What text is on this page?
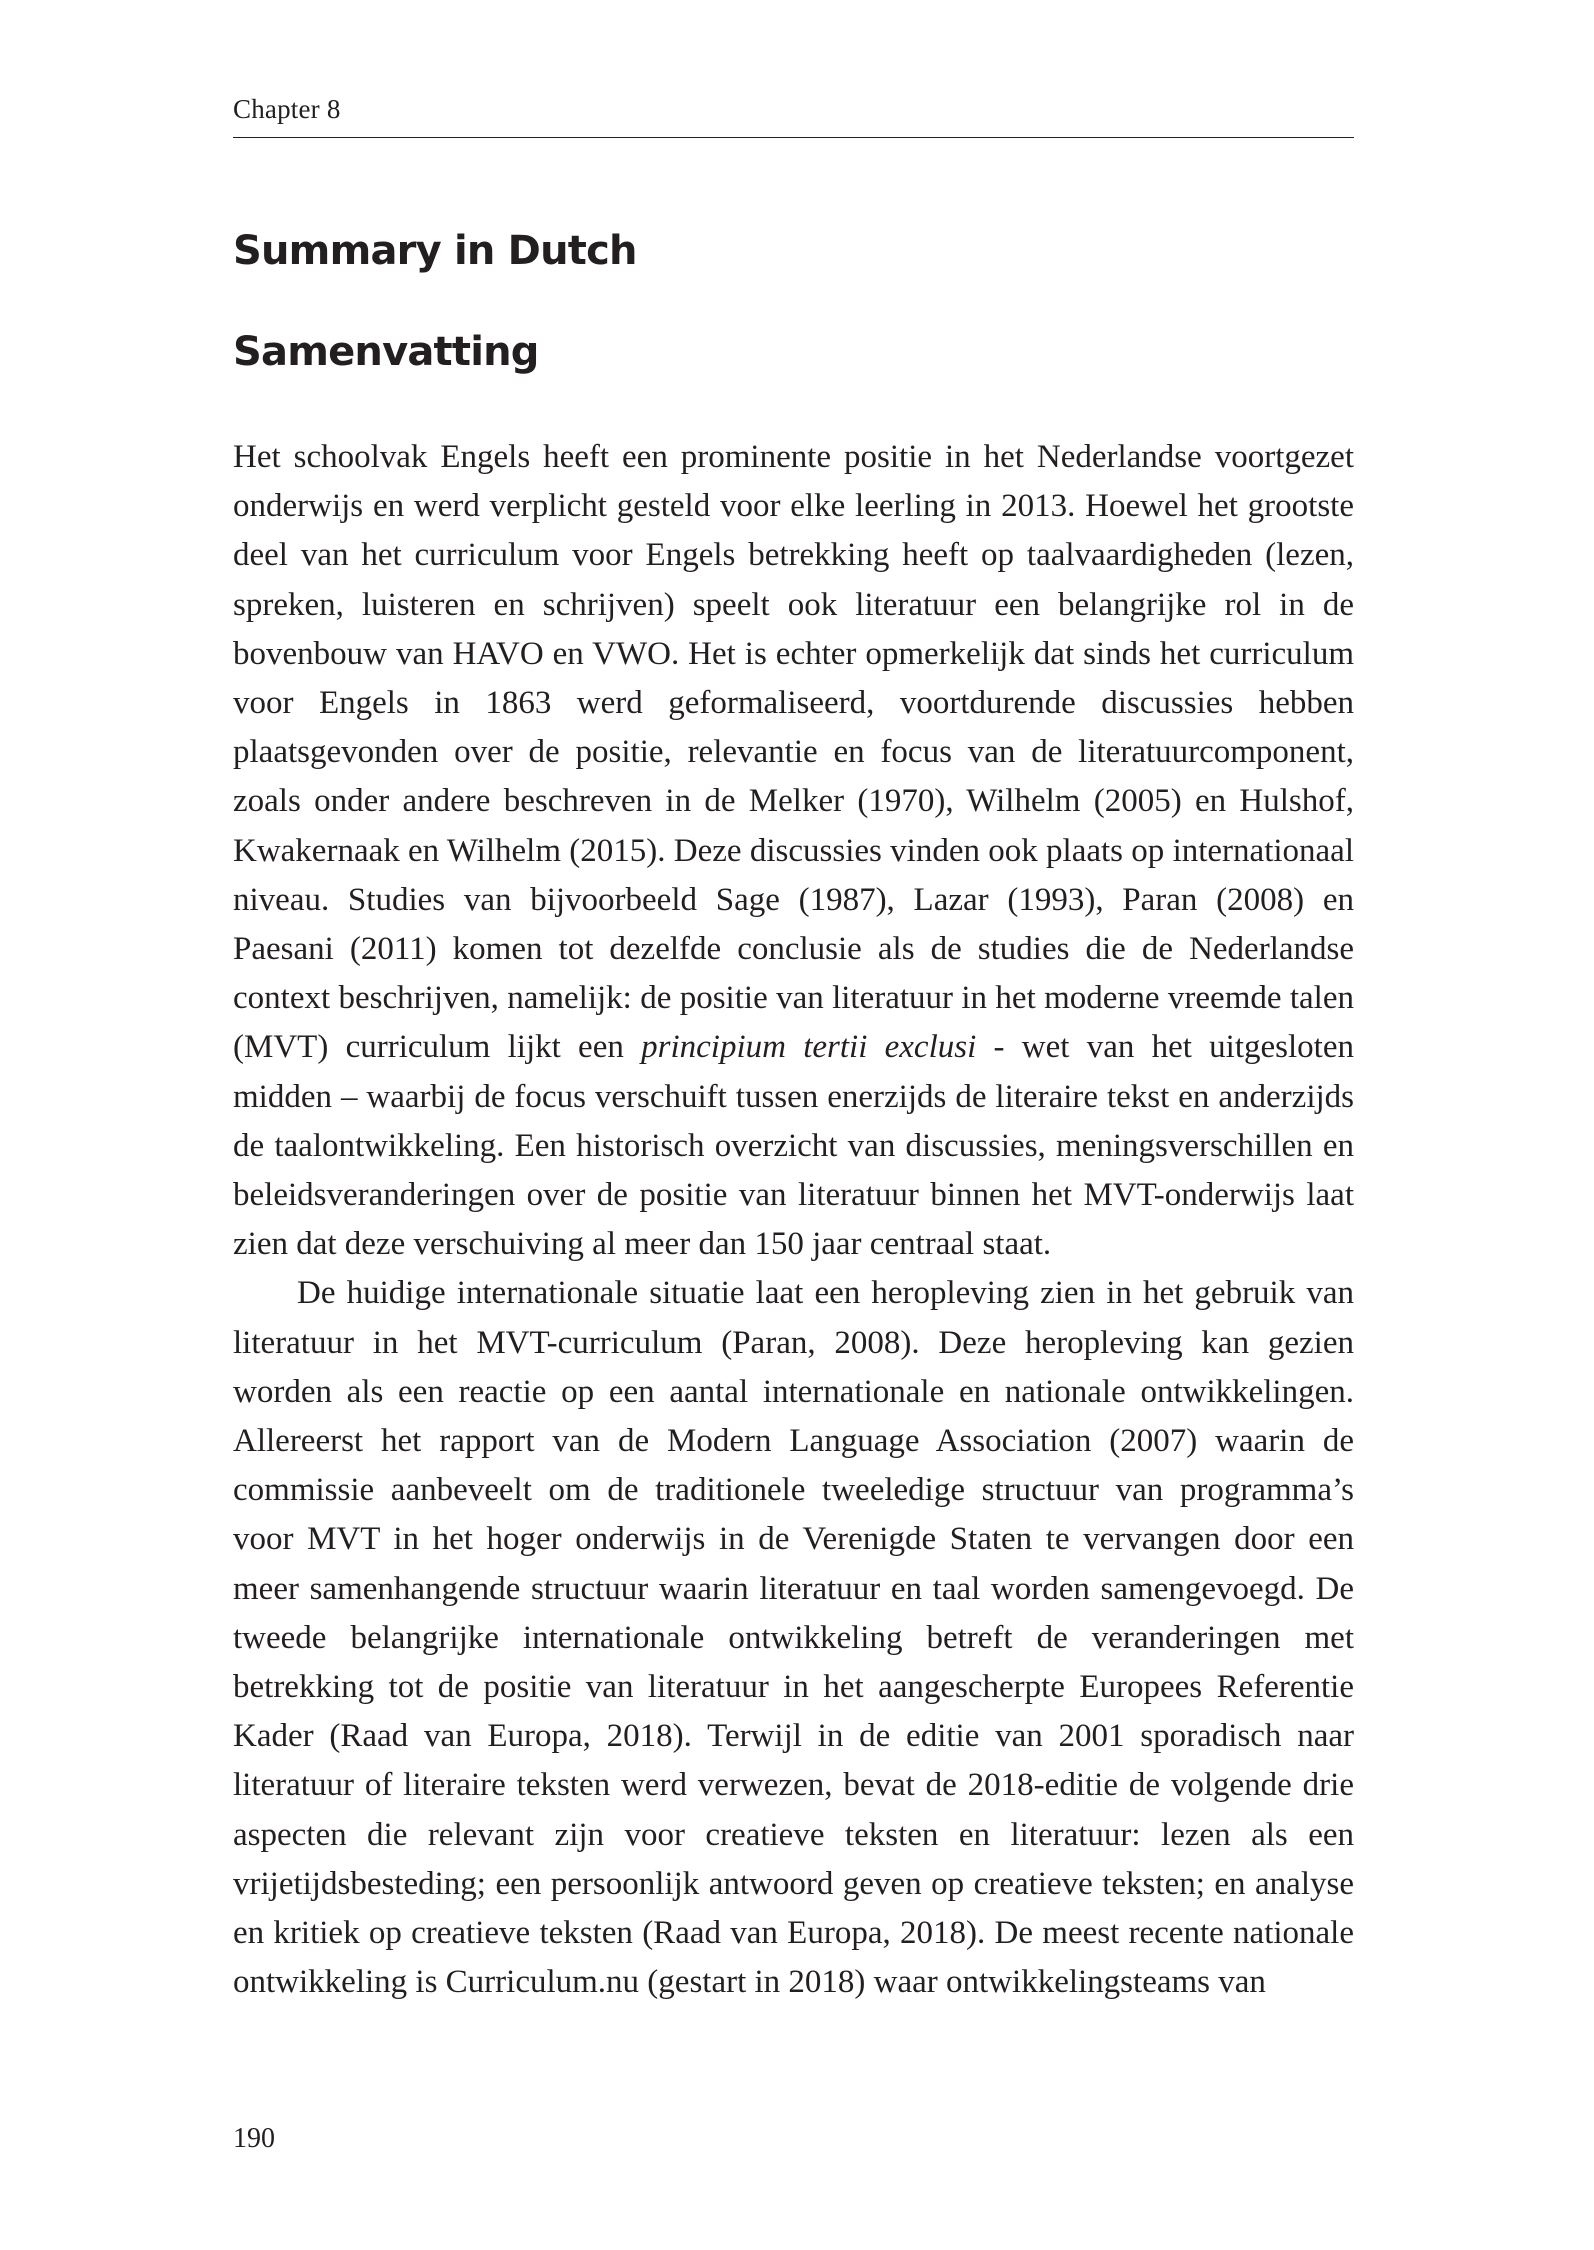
Chapter 8
Summary in Dutch
Samenvatting

Het schoolvak Engels heeft een prominente positie in het Nederlandse voortgezet onderwijs en werd verplicht gesteld voor elke leerling in 2013. Hoewel het grootste deel van het curriculum voor Engels betrekking heeft op taalvaardigheden (lezen, spreken, luisteren en schrijven) speelt ook literatuur een belangrijke rol in de bovenbouw van HAVO en VWO. Het is echter opmerkelijk dat sinds het curriculum voor Engels in 1863 werd geformaliseerd, voortdurende discussies hebben plaatsgevonden over de positie, relevantie en focus van de literatuurcomponent, zoals onder andere beschreven in de Melker (1970), Wilhelm (2005) en Hulshof, Kwakernaak en Wilhelm (2015). Deze discussies vinden ook plaats op internationaal niveau. Studies van bijvoorbeeld Sage (1987), Lazar (1993), Paran (2008) en Paesani (2011) komen tot dezelfde conclusie als de studies die de Nederlandse context beschrijven, namelijk: de positie van literatuur in het moderne vreemde talen (MVT) curriculum lijkt een principium tertii exclusi - wet van het uitgesloten midden – waarbij de focus verschuift tussen enerzijds de literaire tekst en anderzijds de taalontwikkeling. Een historisch overzicht van discussies, meningsverschillen en beleidsveranderingen over de positie van literatuur binnen het MVT-onderwijs laat zien dat deze verschuiving al meer dan 150 jaar centraal staat.

De huidige internationale situatie laat een heropleving zien in het gebruik van literatuur in het MVT-curriculum (Paran, 2008). Deze heropleving kan gezien worden als een reactie op een aantal internationale en nationale ontwikkelingen. Allereerst het rapport van de Modern Language Association (2007) waarin de commissie aanbeveelt om de traditionele tweeledige structuur van programma’s voor MVT in het hoger onderwijs in de Verenigde Staten te vervangen door een meer samenhangende structuur waarin literatuur en taal worden samengevoegd. De tweede belangrijke internationale ontwikkeling betreft de veranderingen met betrekking tot de positie van literatuur in het aangescherpte Europees Referentie Kader (Raad van Europa, 2018). Terwijl in de editie van 2001 sporadisch naar literatuur of literaire teksten werd verwezen, bevat de 2018-editie de volgende drie aspecten die relevant zijn voor creatieve teksten en literatuur: lezen als een vrijetijdsbesteding; een persoonlijk antwoord geven op creatieve teksten; en analyse en kritiek op creatieve teksten (Raad van Europa, 2018). De meest recente nationale ontwikkeling is Curriculum.nu (gestart in 2018) waar ontwikkelingsteams van

190
